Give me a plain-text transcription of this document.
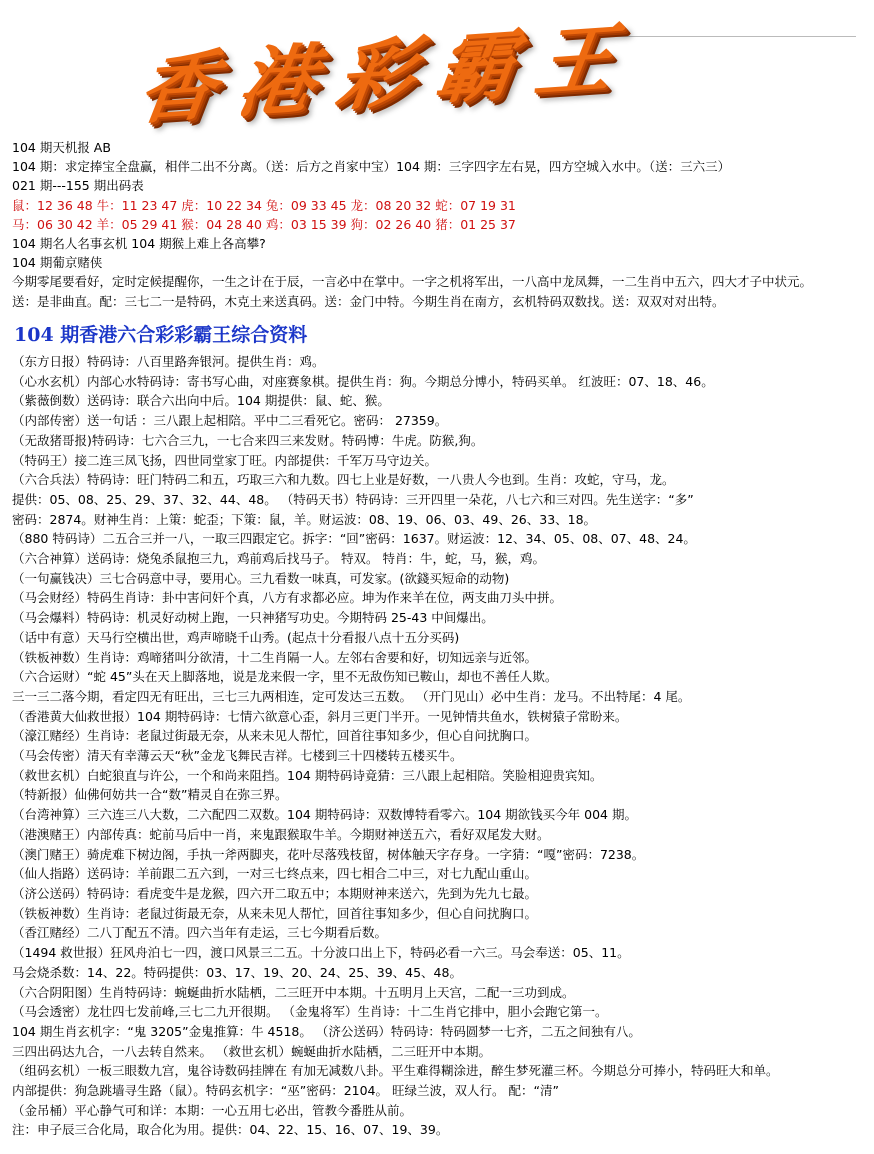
香港彩霸王
104 期天机报 AB
104 期：求定捧宝全盘赢，相伴二出不分离。（送：后方之肖家中宝）104 期：三字四字左右晃，四方空城入水中。（送：三六三）
021 期---155 期出码表
鼠：12 36 48 牛：11 23 47 虎：10 22 34 兔：09 33 45 龙：08 20 32 蛇：07 19 31
马：06 30 42 羊：05 29 41 猴：04 28 40 鸡：03 15 39 狗：02 26 40 猪：01 25 37
104 期名人名事玄机 104 期猴上难上各高攀?
104 期葡京赌侠
今期零尾要看好，定时定候提醒你，一生之计在于辰，一言必中在掌中。一字之机将军出，一八高中龙凤舞，一二生肖中五六，四大才子中状元。
送：是非曲直。配：三七二一是特码，木克土来送真码。送：金门中特。今期生肖在南方，玄机特码双数找。送：双双对对出特。
104 期香港六合彩彩霸王综合资料
（东方日报）特码诗：八百里路奔银河。提供生肖：鸡。
（心水玄机）内部心水特码诗：寄书写心曲，对座赛象棋。提供生肖：狗。今期总分博小，特码买单。 红波旺：07、18、46。
（紫薇倒数）送码诗：联合六出向中后。104 期提供：鼠、蛇、猴。
（内部传密）送一句话 ：三八跟上起相陪。平中二三看死它。密码： 27359。
（无敌猪哥报)特码诗：七六合三九，一七合来四三来发财。特码博：牛虎。防猴,狗。
（特码王）接二连三凤飞扬，四世同堂家丁旺。内部提供：千军万马守边关。
（六合兵法）特码诗：旺门特码二和五，巧取三六和九数。四七上业是好数，一八贵人今也到。生肖：攻蛇，守马，龙。
提供：05、08、25、29、37、32、44、48。 （特码天书）特码诗：三开四里一朵花，八七六和三对四。先生送字：“多”
密码：2874。财神生肖：上策：蛇歪；下策：鼠，羊。财运波：08、19、06、03、49、26、33、18。
（880 特码诗）二五合三并一八，一取三四跟定它。拆字：“回”密码：1637。财运波：12、34、05、08、07、48、24。
（六合神算）送码诗：烧兔杀鼠抱三九，鸡前鸡后找马子。 特双。 特肖：牛，蛇，马，猴，鸡。
（一句赢钱决）三七合码意中寻，要用心。三九看数一味真，可发家。(欲錢买短命的动物)
（马会财经）特码生肖诗：卦中害问奸个真，八方有求都必应。坤为作来羊在位，两支曲刀头中拼。
（马会爆料）特码诗：机灵好动树上跑，一只神猪写功史。今期特码 25-43 中间爆出。
（话中有意）天马行空横出世，鸡声啼晓千山秀。(起点十分看报八点十五分买码)
（铁板神数）生肖诗：鸡啼猪叫分欲清，十二生肖隔一人。左邻右舍要和好，切知远亲与近邻。
（六合运财）“蛇 45”头在天上脚落地，说是龙来假一字，里不无敌伤知已鞍山，却也不善任人欺。
三一三二落今期，看定四无有旺出，三七三九两相连，定可发达三五数。 （开门见山）必中生肖：龙马。不出特尾：4 尾。
（香港黄大仙救世报）104 期特码诗：七情六欲意心歪，斜月三更门半开。一见钟情共鱼水，铁树猿子常盼来。
（濠江赌经）生肖诗：老鼠过街最无奈，从来未见人帮忙，回首往事知多少，但心自问扰胸口。
（马会传密）清天有幸薄云天“秋”金龙飞舞民吉祥。七楼到三十四楼转五楼买牛。
（救世玄机）白蛇狼直与许公，一个和尚来阻挡。104 期特码诗竟猜：三八跟上起相陪。笑脸相迎贵宾知。
（特新报）仙佛何妨共一合“数”精灵自在弥三界。
（台湾神算）三六连三八大数，二六配四二双数。104 期特码诗：双数博特看零六。104 期欲钱买今年 004 期。
（港澳赌王）内部传真：蛇前马后中一肖，来鬼跟猴取牛羊。今期财神送五六，看好双尾发大财。
（澳门赌王）骑虎难下树边阁，手执一斧两脚夹，花叶尽落残枝留，树体触天字存身。一字猜：“嘎”密码：7238。
（仙人指路）送码诗：羊前跟二五六到，一对三七终点来，四七相合二中三，对七九配山重山。
（济公送码）特码诗：看虎变牛是龙猴，四六开二取五中；本期财神来送六，先到为先九七最。
（铁板神数）生肖诗：老鼠过街最无奈，从来未见人帮忙，回首往事知多少，但心自问扰胸口。
（香江赌经）二八丁配五不清。四六当年有走运，三七今期看后数。
（1494 救世报）狂风舟泊七一四，渡口风景三二五。十分波口出上下，特码必看一六三。马会奉送：05、11。
马会烧杀数：14、22。特码提供：03、17、19、20、24、25、39、45、48。
（六合阴阳图）生肖特码诗：蜿蜒曲折水陆栖，二三旺开中本期。十五明月上天宫，二配一三功到成。
（马会透密）龙壮四七发前峰,三七二九开很期。 （金鬼将军）生肖诗：十二生肖它排中，胆小会跑它第一。
104 期生肖玄机字：“鬼 3205”金鬼推算：牛 4518。 （济公送码）特码诗：特码圆梦一七齐，二五之间独有八。
三四出码达九合，一八去转自然来。 （救世玄机）蜿蜒曲折水陆栖，二三旺开中本期。
（组码玄机）一板三眼数九宫，鬼谷诗数码挂牌在 有加无减数八卦。平生难得糊涂进，醉生梦死灌三杯。今期总分可捧小，特码旺大和单。
内部提供：狗急跳墙寻生路（鼠）。特码玄机字：“巫”密码：2104。 旺绿兰波，双人行。 配：“清”
（金吊桶）平心静气可和详：本期：一心五用七必出，管教今番胜从前。
注：申子辰三合化局，取合化为用。提供：04、22、15、16、07、19、39。
